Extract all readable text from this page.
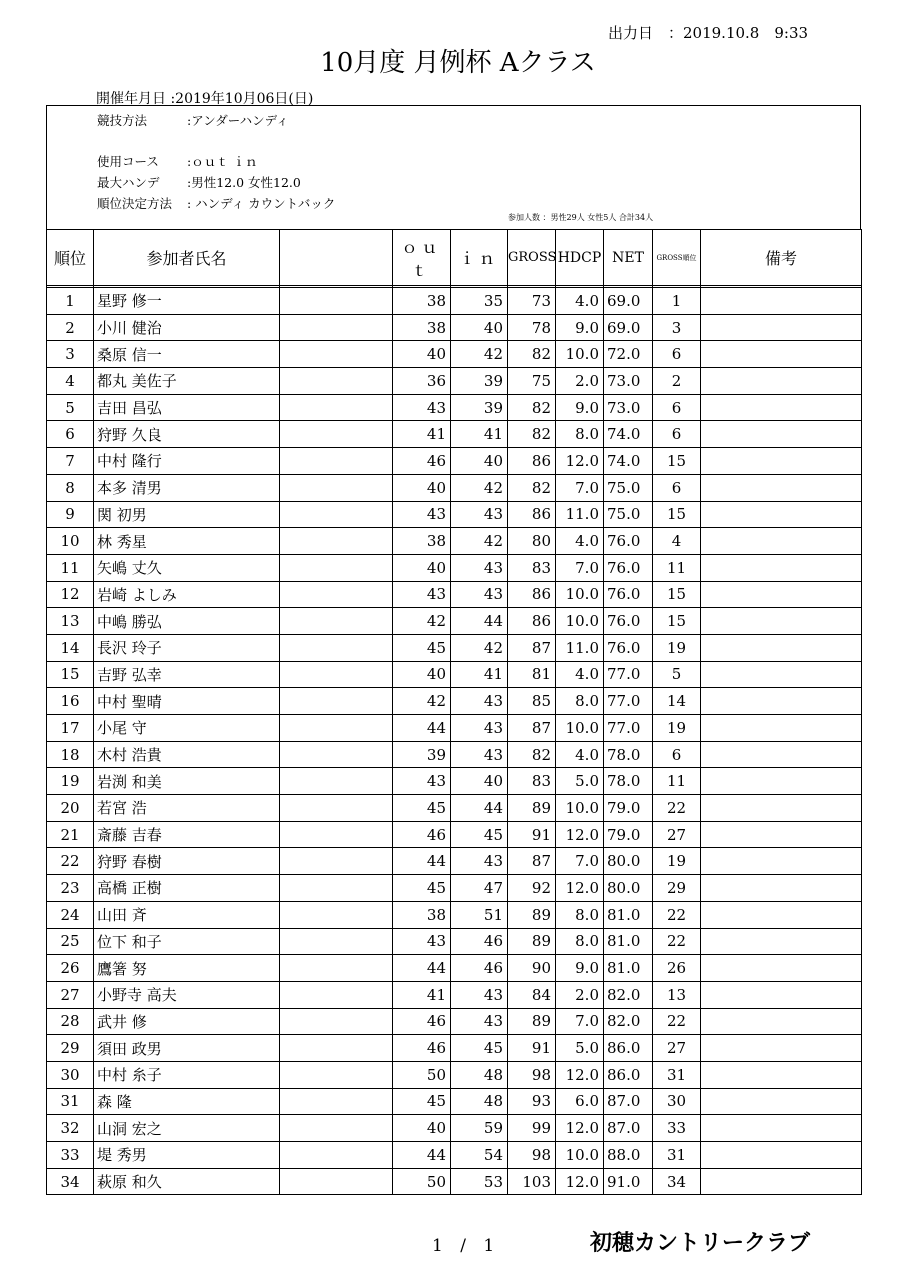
出力日　：2019.10.8　9:33
10月度 月例杯 Aクラス
開催年月日 :2019年10月06日(日)
競技方法	:アンダーハンディ
使用コース :ｏｕｔ ｉｎ
最大ハンデ :男性12.0 女性12.0
順位決定方法 : ハンディ カウントバック
参加人数 ：男性29人 女性5人 合計34人
順位	参加者氏名		ｏｕｔ	ｉｎ	GROSS	HDCP	NET	GROSS順位	備考

1	星野 修一		38	35	73	4.0	69.0	1	
2	小川 健治		38	40	78	9.0	69.0	3	
3	桑原 信一		40	42	82	10.0	72.0	6	
4	都丸 美佐子		36	39	75	2.0	73.0	2	
5	吉田 昌弘		43	39	82	9.0	73.0	6	
6	狩野 久良		41	41	82	8.0	74.0	6	
7	中村 隆行		46	40	86	12.0	74.0	15	
8	本多 清男		40	42	82	7.0	75.0	6	
9	関 初男		43	43	86	11.0	75.0	15	
10	林 秀星		38	42	80	4.0	76.0	4	
11	矢嶋 丈久		40	43	83	7.0	76.0	11	
12	岩崎 よしみ		43	43	86	10.0	76.0	15	
13	中嶋 勝弘		42	44	86	10.0	76.0	15	
14	長沢 玲子		45	42	87	11.0	76.0	19	
15	吉野 弘幸		40	41	81	4.0	77.0	5	
16	中村 聖晴		42	43	85	8.0	77.0	14	
17	小尾 守		44	43	87	10.0	77.0	19	
18	木村 浩貴		39	43	82	4.0	78.0	6	
19	岩渕 和美		43	40	83	5.0	78.0	11	
20	若宮 浩		45	44	89	10.0	79.0	22	
21	斎藤 吉春		46	45	91	12.0	79.0	27	
22	狩野 春樹		44	43	87	7.0	80.0	19	
23	高橋 正樹		45	47	92	12.0	80.0	29	
24	山田 斉		38	51	89	8.0	81.0	22	
25	位下 和子		43	46	89	8.0	81.0	22	
26	鷹箸 努		44	46	90	9.0	81.0	26	
27	小野寺 高夫		41	43	84	2.0	82.0	13	
28	武井 修		46	43	89	7.0	82.0	22	
29	須田 政男		46	45	91	5.0	86.0	27	
30	中村 糸子		50	48	98	12.0	86.0	31	
31	森 隆		45	48	93	6.0	87.0	30	
32	山洞 宏之		40	59	99	12.0	87.0	33	
33	堤 秀男		44	54	98	10.0	88.0	31	
34	萩原 和久		50	53	103	12.0	91.0	34	
1 / 1	初穂カントリークラブ
